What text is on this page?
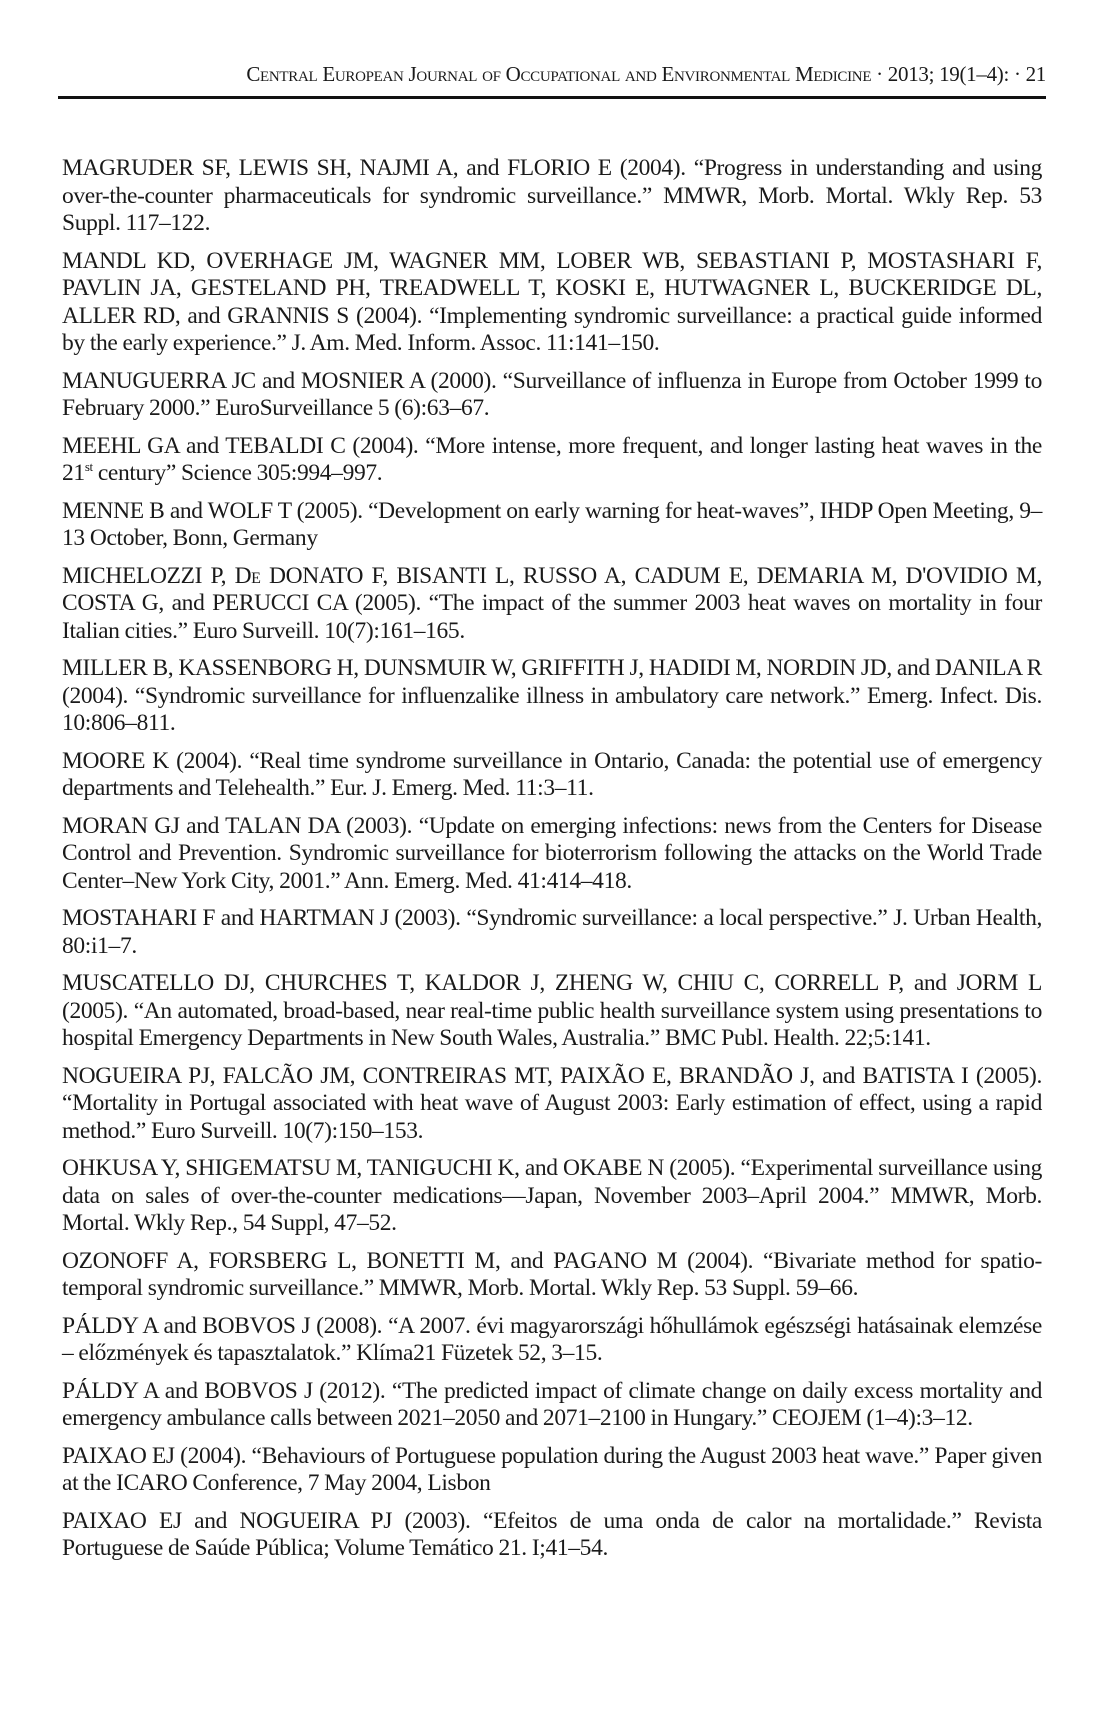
Central European Journal of Occupational and Environmental Medicine · 2013; 19(1–4): · 21

MAGRUDER SF, LEWIS SH, NAJMI A, and FLORIO E (2004). “Progress in understanding and using over-the-counter pharmaceuticals for syndromic surveillance.” MMWR, Morb. Mortal. Wkly Rep. 53 Suppl. 117–122.

MANDL KD, OVERHAGE JM, WAGNER MM, LOBER WB, SEBASTIANI P, MOSTASHARI F, PAVLIN JA, GESTELAND PH, TREADWELL T, KOSKI E, HUTWAGNER L, BUCKERIDGE DL, ALLER RD, and GRANNIS S (2004). “Implementing syndromic surveillance: a practical guide informed by the early experience.” J. Am. Med. Inform. Assoc. 11:141–150.

MANUGUERRA JC and MOSNIER A (2000). “Surveillance of influenza in Europe from October 1999 to February 2000.” EuroSurveillance 5 (6):63–67.

MEEHL GA and TEBALDI C (2004). “More intense, more frequent, and longer lasting heat waves in the 21st century” Science 305:994–997.

MENNE B and WOLF T (2005). “Development on early warning for heat-waves”, IHDP Open Meeting, 9–13 October, Bonn, Germany

MICHELOZZI P, De DONATO F, BISANTI L, RUSSO A, CADUM E, DEMARIA M, D'OVIDIO M, COSTA G, and PERUCCI CA (2005). “The impact of the summer 2003 heat waves on mortality in four Italian cities.” Euro Surveill. 10(7):161–165.

MILLER B, KASSENBORG H, DUNSMUIR W, GRIFFITH J, HADIDI M, NORDIN JD, and DANILA R (2004). “Syndromic surveillance for influenzalike illness in ambulatory care network.” Emerg. Infect. Dis. 10:806–811.

MOORE K (2004). “Real time syndrome surveillance in Ontario, Canada: the potential use of emergency departments and Telehealth.” Eur. J. Emerg. Med. 11:3–11.

MORAN GJ and TALAN DA (2003). “Update on emerging infections: news from the Centers for Disease Control and Prevention. Syndromic surveillance for bioterrorism following the attacks on the World Trade Center–New York City, 2001.” Ann. Emerg. Med. 41:414–418.

MOSTAHARI F and HARTMAN J (2003). “Syndromic surveillance: a local perspective.” J. Urban Health, 80:i1–7.

MUSCATELLO DJ, CHURCHES T, KALDOR J, ZHENG W, CHIU C, CORRELL P, and JORM L (2005). “An automated, broad-based, near real-time public health surveillance system using presentations to hospital Emergency Departments in New South Wales, Australia.” BMC Publ. Health. 22;5:141.

NOGUEIRA PJ, FALCÃO JM, CONTREIRAS MT, PAIXÃO E, BRANDÃO J, and BATISTA I (2005). “Mortality in Portugal associated with heat wave of August 2003: Early estimation of effect, using a rapid method.” Euro Surveill. 10(7):150–153.

OHKUSA Y, SHIGEMATSU M, TANIGUCHI K, and OKABE N (2005). “Experimental surveillance using data on sales of over-the-counter medications—Japan, November 2003–April 2004.” MMWR, Morb. Mortal. Wkly Rep., 54 Suppl, 47–52.

OZONOFF A, FORSBERG L, BONETTI M, and PAGANO M (2004). “Bivariate method for spatio-temporal syndromic surveillance.” MMWR, Morb. Mortal. Wkly Rep. 53 Suppl. 59–66.

PÁLDY A and BOBVOS J (2008). “A 2007. évi magyarországi hőhullámok egészségi hatásainak elemzése – előzmények és tapasztalatok.” Klíma21 Füzetek 52, 3–15.

PÁLDY A and BOBVOS J (2012). “The predicted impact of climate change on daily excess mortality and emergency ambulance calls between 2021–2050 and 2071–2100 in Hungary.” CEOJEM (1–4):3–12.

PAIXAO EJ (2004). “Behaviours of Portuguese population during the August 2003 heat wave.” Paper given at the ICARO Conference, 7 May 2004, Lisbon

PAIXAO EJ and NOGUEIRA PJ (2003). “Efeitos de uma onda de calor na mortalidade.” Revista Portuguese de Saúde Pública; Volume Temático 21. I;41–54.
